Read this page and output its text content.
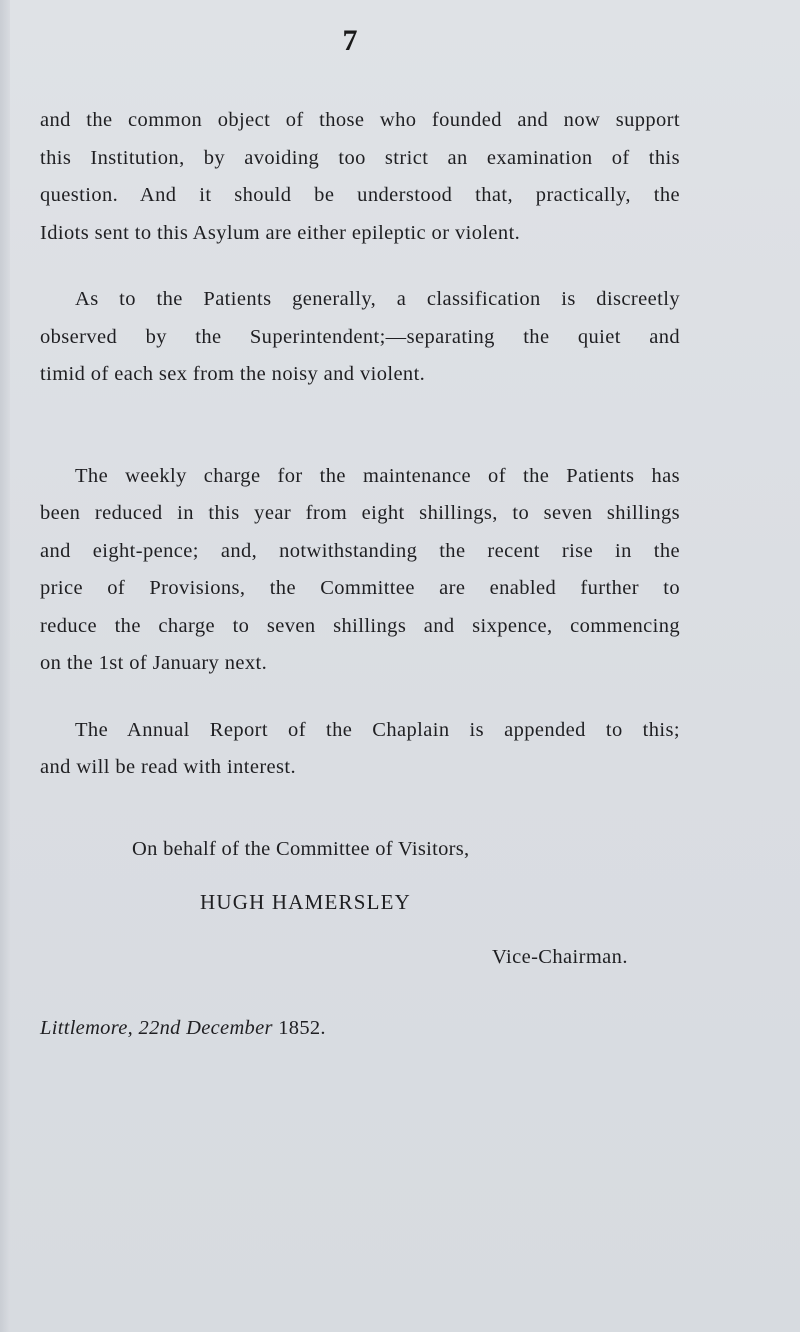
7
and the common object of those who founded and now support
this Institution, by avoiding too strict an examination of this
question. And it should be understood that, practically, the
Idiots sent to this Asylum are either epileptic or violent.
As to the Patients generally, a classification is discreetly
observed by the Superintendent;—separating the quiet and
timid of each sex from the noisy and violent.
The weekly charge for the maintenance of the Patients has
been reduced in this year from eight shillings, to seven shillings
and eight-pence; and, notwithstanding the recent rise in the
price of Provisions, the Committee are enabled further to
reduce the charge to seven shillings and sixpence, commencing
on the 1st of January next.
The Annual Report of the Chaplain is appended to this;
and will be read with interest.
On behalf of the Committee of Visitors,
HUGH HAMERSLEY
Vice-Chairman.
Littlemore, 22nd December 1852.
